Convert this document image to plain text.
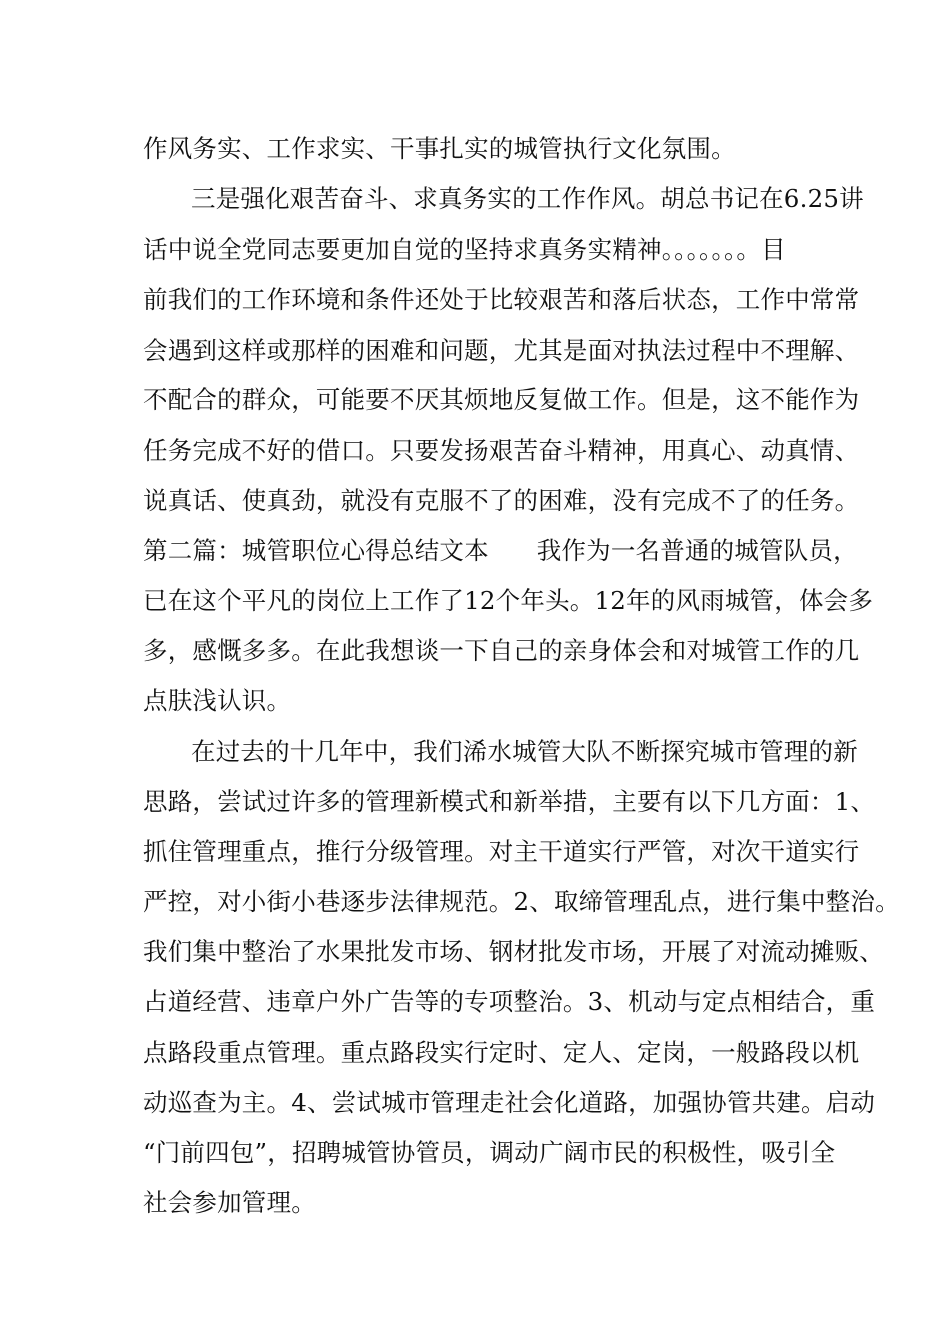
作风务实、工作求实、干事扎实的城管执行文化氛围。
三是强化艰苦奋斗、求真务实的工作作风。胡总书记在6.25讲
话中说全党同志要更加自觉的坚持求真务实精神。。。。。。。目
前我们的工作环境和条件还处于比较艰苦和落后状态，工作中常常
会遇到这样或那样的困难和问题，尤其是面对执法过程中不理解、
不配合的群众，可能要不厌其烦地反复做工作。但是，这不能作为
任务完成不好的借口。只要发扬艰苦奋斗精神，用真心、动真情、
说真话、使真劲，就没有克服不了的困难，没有完成不了的任务。
第二篇：城管职位心得总结文本      我作为一名普通的城管队员，
已在这个平凡的岗位上工作了12个年头。12年的风雨城管，体会多
多，感慨多多。在此我想谈一下自己的亲身体会和对城管工作的几
点肤浅认识。
在过去的十几年中，我们浠水城管大队不断探究城市管理的新
思路，尝试过许多的管理新模式和新举措，主要有以下几方面：1、
抓住管理重点，推行分级管理。对主干道实行严管，对次干道实行
严控，对小街小巷逐步法律规范。2、取缔管理乱点，进行集中整治。
我们集中整治了水果批发市场、钢材批发市场，开展了对流动摊贩、
占道经营、违章户外广告等的专项整治。3、机动与定点相结合，重
点路段重点管理。重点路段实行定时、定人、定岗，一般路段以机
动巡查为主。4、尝试城市管理走社会化道路，加强协管共建。启动
“门前四包”，招聘城管协管员，调动广阔市民的积极性，吸引全
社会参加管理。
